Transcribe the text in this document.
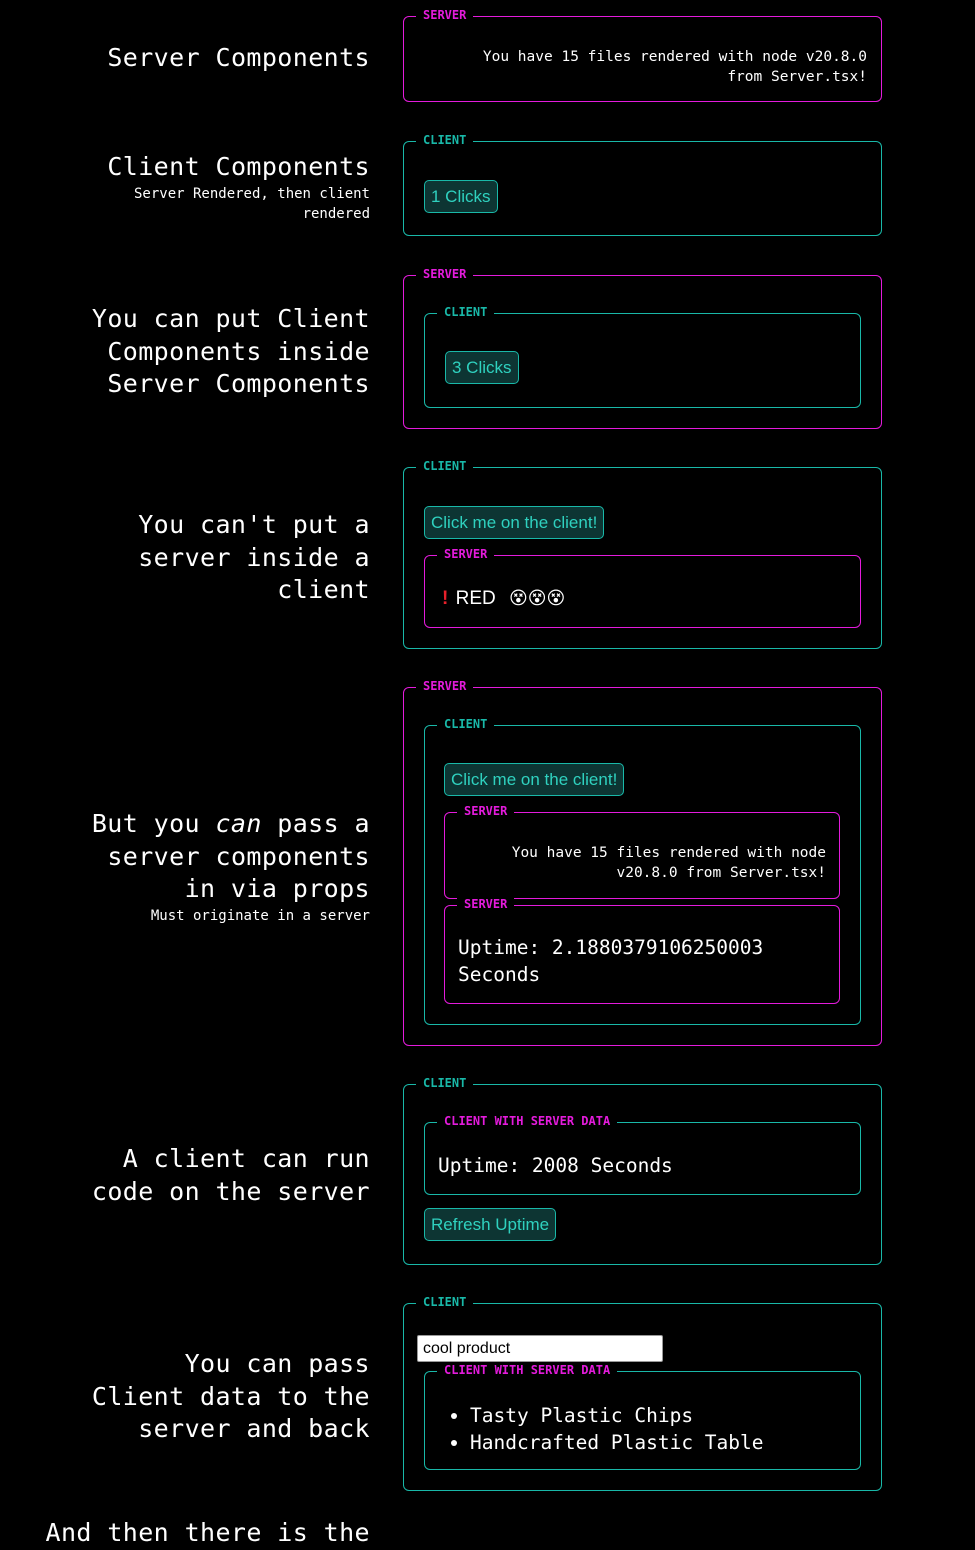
Server Components
SERVER
You have 15 files rendered with node v20.8.0
from Server.tsx!
Client Components
Server Rendered, then client
rendered
CLIENT
1 Clicks
You can put Client
Components inside
Server Components
SERVER
CLIENT
3 Clicks
You can't put a
server inside a
client
CLIENT
Click me on the client!
SERVER
! RED 😵😵😵
But you can pass a
server components
in via props
Must originate in a server
SERVER
CLIENT
Click me on the client!
SERVER
You have 15 files rendered with node
v20.8.0 from Server.tsx!
SERVER
Uptime: 2.1880379106250003
Seconds
A client can run
code on the server
CLIENT
CLIENT WITH SERVER DATA
Uptime: 2008 Seconds
Refresh Uptime
You can pass
Client data to the
server and back
CLIENT
cool product
CLIENT WITH SERVER DATA
• Tasty Plastic Chips
• Handcrafted Plastic Table
And then there is the
